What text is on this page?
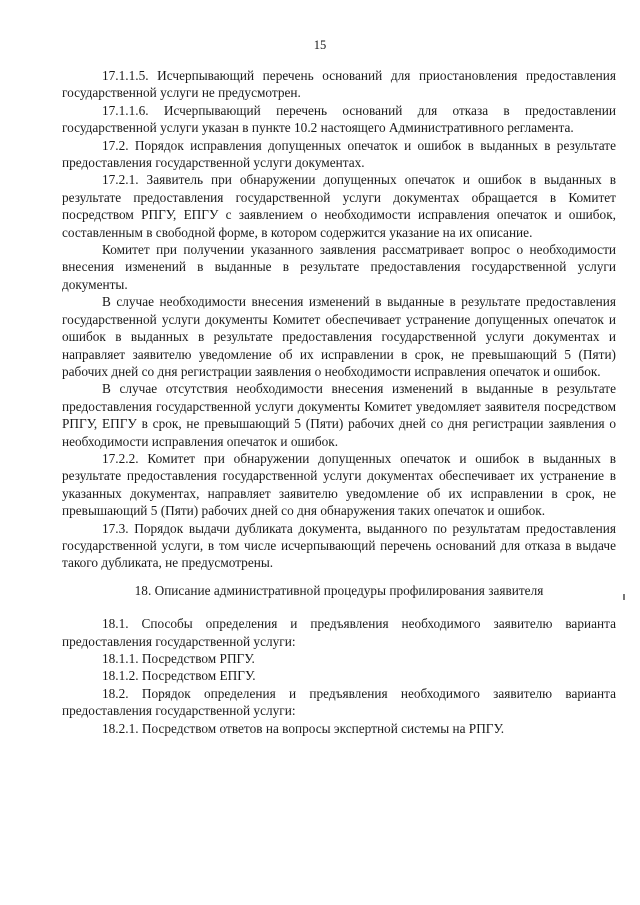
15

17.1.1.5. Исчерпывающий перечень оснований для приостановления предоставления государственной услуги не предусмотрен.

17.1.1.6. Исчерпывающий перечень оснований для отказа в предоставлении государственной услуги указан в пункте 10.2 настоящего Административного регламента.

17.2. Порядок исправления допущенных опечаток и ошибок в выданных в результате предоставления государственной услуги документах.

17.2.1. Заявитель при обнаружении допущенных опечаток и ошибок в выданных в результате предоставления государственной услуги документах обращается в Комитет посредством РПГУ, ЕПГУ с заявлением о необходимости исправления опечаток и ошибок, составленным в свободной форме, в котором содержится указание на их описание.

Комитет при получении указанного заявления рассматривает вопрос о необходимости внесения изменений в выданные в результате предоставления государственной услуги документы.

В случае необходимости внесения изменений в выданные в результате предоставления государственной услуги документы Комитет обеспечивает устранение допущенных опечаток и ошибок в выданных в результате предоставления государственной услуги документах и направляет заявителю уведомление об их исправлении в срок, не превышающий 5 (Пяти) рабочих дней со дня регистрации заявления о необходимости исправления опечаток и ошибок.

В случае отсутствия необходимости внесения изменений в выданные в результате предоставления государственной услуги документы Комитет уведомляет заявителя посредством РПГУ, ЕПГУ в срок, не превышающий 5 (Пяти) рабочих дней со дня регистрации заявления о необходимости исправления опечаток и ошибок.

17.2.2. Комитет при обнаружении допущенных опечаток и ошибок в выданных в результате предоставления государственной услуги документах обеспечивает их устранение в указанных документах, направляет заявителю уведомление об их исправлении в срок, не превышающий 5 (Пяти) рабочих дней со дня обнаружения таких опечаток и ошибок.

17.3. Порядок выдачи дубликата документа, выданного по результатам предоставления государственной услуги, в том числе исчерпывающий перечень оснований для отказа в выдаче такого дубликата, не предусмотрены.

18. Описание административной процедуры профилирования заявителя

18.1. Способы определения и предъявления необходимого заявителю варианта предоставления государственной услуги:

18.1.1. Посредством РПГУ.

18.1.2. Посредством ЕПГУ.

18.2. Порядок определения и предъявления необходимого заявителю варианта предоставления государственной услуги:

18.2.1. Посредством ответов на вопросы экспертной системы на РПГУ.
